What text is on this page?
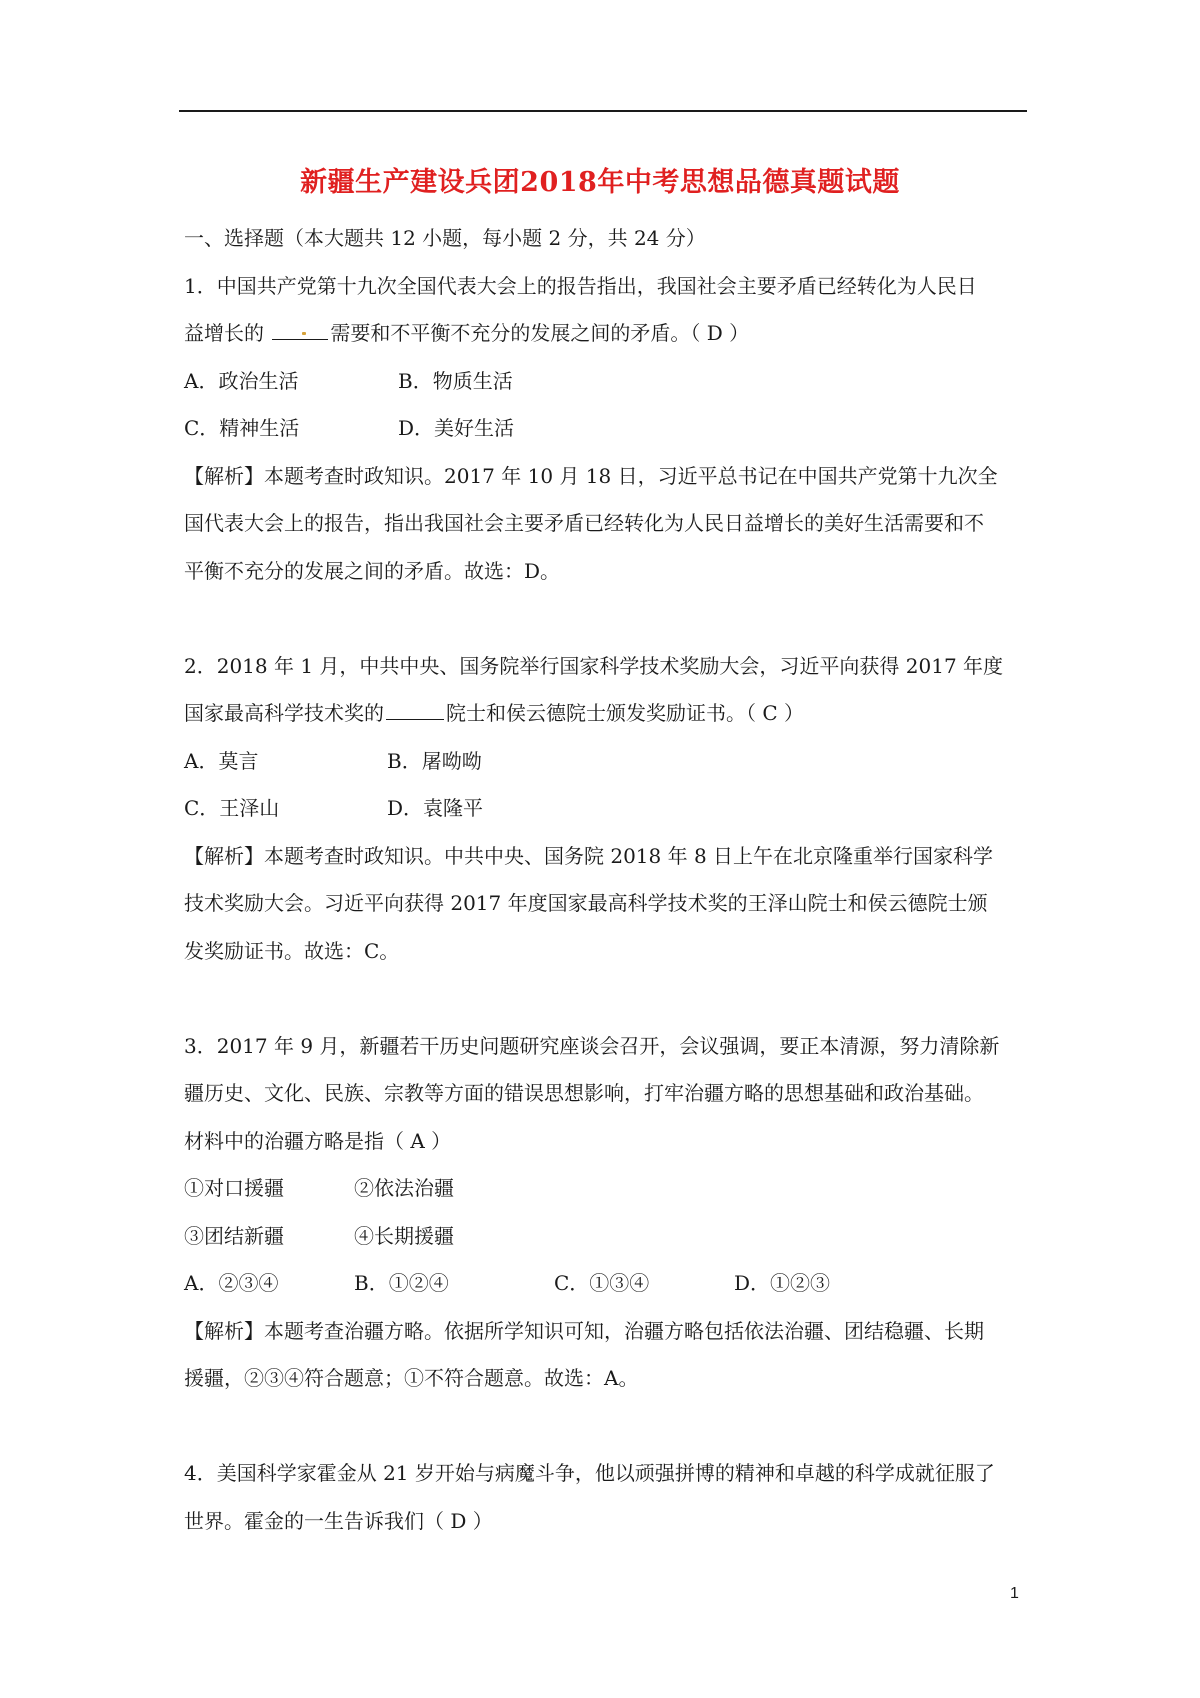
新疆生产建设兵团2018年中考思想品德真题试题
一、选择题（本大题共 12 小题，每小题 2 分，共 24 分）
1．中国共产党第十九次全国代表大会上的报告指出，我国社会主要矛盾已经转化为人民日
益增长的	需要和不平衡不充分的发展之间的矛盾。（ D ）
A．政治生活	B．物质生活
C．精神生活	D．美好生活
【解析】本题考查时政知识。2017 年 10 月 18 日，习近平总书记在中国共产党第十九次全
国代表大会上的报告，指出我国社会主要矛盾已经转化为人民日益增长的美好生活需要和不
平衡不充分的发展之间的矛盾。故选：D。
2．2018 年 1 月，中共中央、国务院举行国家科学技术奖励大会，习近平向获得 2017 年度
国家最高科学技术奖的	院士和侯云德院士颁发奖励证书。（ C ）
A．莫言	B．屠呦呦
C．王泽山	D．袁隆平
【解析】本题考查时政知识。中共中央、国务院 2018 年 8 日上午在北京隆重举行国家科学
技术奖励大会。习近平向获得 2017 年度国家最高科学技术奖的王泽山院士和侯云德院士颁
发奖励证书。故选：C。
3．2017 年 9 月，新疆若干历史问题研究座谈会召开，会议强调，要正本清源，努力清除新
疆历史、文化、民族、宗教等方面的错误思想影响，打牢治疆方略的思想基础和政治基础。
材料中的治疆方略是指（ A ）
①对口援疆	②依法治疆
③团结新疆	④长期援疆
A．②③④	B．①②④	C．①③④	D．①②③
【解析】本题考查治疆方略。依据所学知识可知，治疆方略包括依法治疆、团结稳疆、长期
援疆，②③④符合题意；①不符合题意。故选：A。
4．美国科学家霍金从 21 岁开始与病魔斗争，他以顽强拼博的精神和卓越的科学成就征服了
世界。霍金的一生告诉我们（ D ）
1
